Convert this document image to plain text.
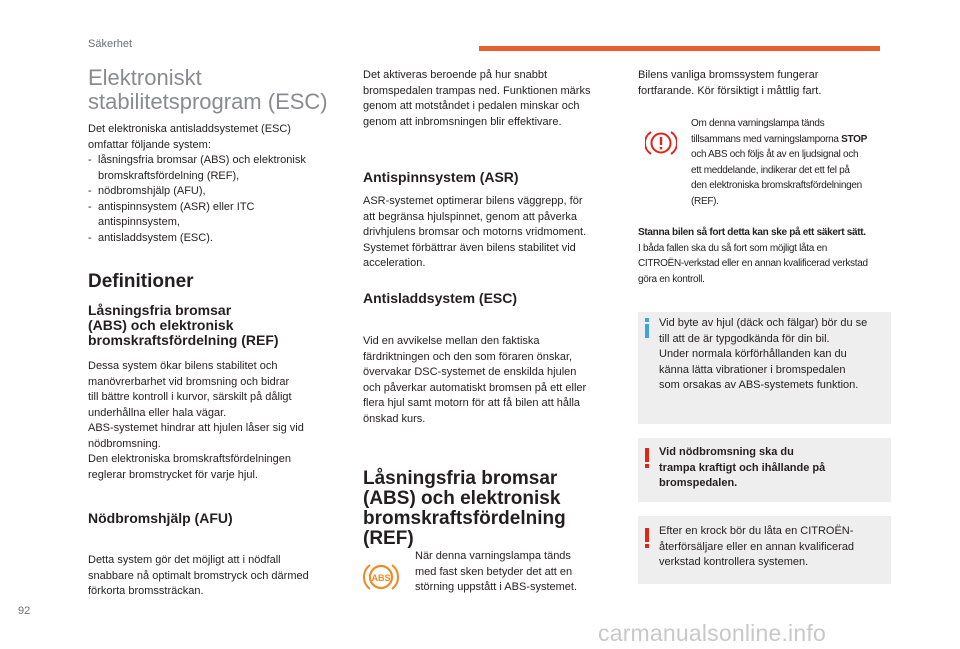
Säkerhet
Elektroniskt
stabilitetsprogram (ESC)
Det elektroniska antisladdsystemet (ESC)
omfattar följande system:
- låsningsfria bromsar (ABS) och elektronisk
bromskraftsfördelning (REF),
- nödbromshjälp (AFU),
- antispinnsystem (ASR) eller ITC
antispinnsystem,
- antisladdsystem (ESC).
Definitioner
Låsningsfria bromsar
(ABS) och elektronisk
bromskraftsfördelning (REF)
Dessa system ökar bilens stabilitet och
manövrerbarhet vid bromsning och bidrar
till bättre kontroll i kurvor, särskilt på dåligt
underhållna eller hala vägar.
ABS-systemet hindrar att hjulen låser sig vid
nödbromsning.
Den elektroniska bromskraftsfördelningen
reglerar bromstrycket för varje hjul.
Nödbromshjälp (AFU)
Detta system gör det möjligt att i nödfall
snabbare nå optimalt bromstryck och därmed
förkorta bromssträckan.
Det aktiveras beroende på hur snabbt
bromspedalen trampas ned. Funktionen märks
genom att motståndet i pedalen minskar och
genom att inbromsningen blir effektivare.
Antispinnsystem (ASR)
ASR-systemet optimerar bilens väggrepp, för
att begränsa hjulspinnet, genom att påverka
drivhjulens bromsar och motorns vridmoment.
Systemet förbättrar även bilens stabilitet vid
acceleration.
Antisladdsystem (ESC)
Vid en avvikelse mellan den faktiska
färdriktningen och den som föraren önskar,
övervakar DSC-systemet de enskilda hjulen
och påverkar automatiskt bromsen på ett eller
flera hjul samt motorn för att få bilen att hålla
önskad kurs.
Låsningsfria bromsar
(ABS) och elektronisk
bromskraftsfördelning
(REF)
ABS
När denna varningslampa tänds
med fast sken betyder det att en
störning uppstått i ABS-systemet.
Bilens vanliga bromssystem fungerar
fortfarande. Kör försiktigt i måttlig fart.
Om denna varningslampa tänds
tillsammans med varningslamporna STOP
och ABS och följs åt av en ljudsignal och
ett meddelande, indikerar det ett fel på
den elektroniska bromskraftsfördelningen
(REF).
Stanna bilen så fort detta kan ske på ett säkert sätt.
I båda fallen ska du så fort som möjligt låta en
CITROËN-verkstad eller en annan kvalificerad verkstad
göra en kontroll.
Vid byte av hjul (däck och fälgar) bör du se
till att de är typgodkända för din bil.
Under normala körförhållanden kan du
känna lätta vibrationer i bromspedalen
som orsakas av ABS-systemets funktion.
Vid nödbromsning ska du
trampa kraftigt och ihållande på
bromspedalen.
Efter en krock bör du låta en CITROËN-
återförsäljare eller en annan kvalificerad
verkstad kontrollera systemen.
92
carmanualsonline.info
